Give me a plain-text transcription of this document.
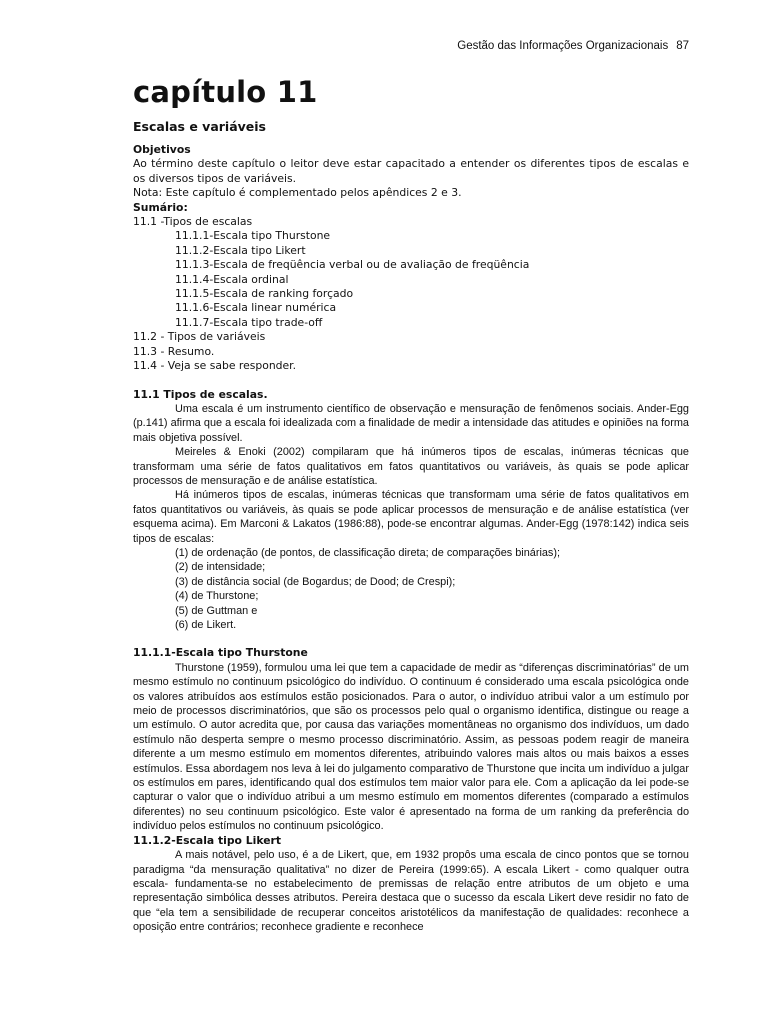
Gestão das Informações Organizacionais 87
capítulo 11
Escalas e variáveis

Objetivos

Ao término deste capítulo o leitor deve estar capacitado a entender os diferentes tipos de escalas e os diversos tipos de variáveis.

Nota: Este capítulo é complementado pelos apêndices 2 e 3.

Sumário:

11.1 -Tipos de escalas

11.1.1-Escala tipo Thurstone

11.1.2-Escala tipo Likert

11.1.3-Escala de freqüência verbal ou de avaliação de freqüência

11.1.4-Escala ordinal

11.1.5-Escala de ranking forçado

11.1.6-Escala linear numérica

11.1.7-Escala tipo trade-off

11.2 - Tipos de variáveis

11.3 - Resumo.

11.4 - Veja se sabe responder.

11.1 Tipos de escalas.

Uma escala é um instrumento científico de observação e mensuração de fenômenos sociais. Ander-Egg (p.141) afirma que a escala foi idealizada com a finalidade de medir a intensidade das atitudes e opiniões na forma mais objetiva possível.

Meireles & Enoki (2002) compilaram que há inúmeros tipos de escalas, inúmeras técnicas que transformam uma série de fatos qualitativos em fatos quantitativos ou variáveis, às quais se pode aplicar processos de mensuração e de análise estatística.

Há inúmeros tipos de escalas, inúmeras técnicas que transformam uma série de fatos qualitativos em fatos quantitativos ou variáveis, às quais se pode aplicar processos de mensuração e de análise estatística (ver esquema acima). Em Marconi & Lakatos (1986:88), pode-se encontrar algumas. Ander-Egg (1978:142) indica seis tipos de escalas:

(1) de ordenação (de pontos, de classificação direta; de comparações binárias);

(2) de intensidade;

(3) de distância social (de Bogardus; de Dood; de Crespi);

(4) de Thurstone;

(5) de Guttman e

(6) de Likert.

11.1.1-Escala tipo Thurstone

Thurstone (1959), formulou uma lei que tem a capacidade de medir as “diferenças discriminatórias” de um mesmo estímulo no continuum psicológico do indivíduo. O continuum é considerado uma escala psicológica onde os valores atribuídos aos estímulos estão posicionados. Para o autor, o indivíduo atribui valor a um estímulo por meio de processos discriminatórios, que são os processos pelo qual o organismo identifica, distingue ou reage a um estímulo. O autor acredita que, por causa das variações momentâneas no organismo dos indivíduos, um dado estímulo não desperta sempre o mesmo processo discriminatório. Assim, as pessoas podem reagir de maneira diferente a um mesmo estímulo em momentos diferentes, atribuindo valores mais altos ou mais baixos a esses estímulos. Essa abordagem nos leva à lei do julgamento comparativo de Thurstone que incita um indivíduo a julgar os estímulos em pares, identificando qual dos estímulos tem maior valor para ele. Com a aplicação da lei pode-se capturar o valor que o indivíduo atribui a um mesmo estímulo em momentos diferentes (comparado a estímulos diferentes) no seu continuum psicológico. Este valor é apresentado na forma de um ranking da preferência do indivíduo pelos estímulos no continuum psicológico.

11.1.2-Escala tipo Likert

A mais notável, pelo uso, é a de Likert, que, em 1932 propôs uma escala de cinco pontos que se tornou paradigma “da mensuração qualitativa” no dizer de Pereira (1999:65). A escala Likert - como qualquer outra escala- fundamenta-se no estabelecimento de premissas de relação entre atributos de um objeto e uma representação simbólica desses atributos. Pereira destaca que o sucesso da escala Likert deve residir no fato de que “ela tem a sensibilidade de recuperar conceitos aristotélicos da manifestação de qualidades: reconhece a oposição entre contrários; reconhece gradiente e reconhece
